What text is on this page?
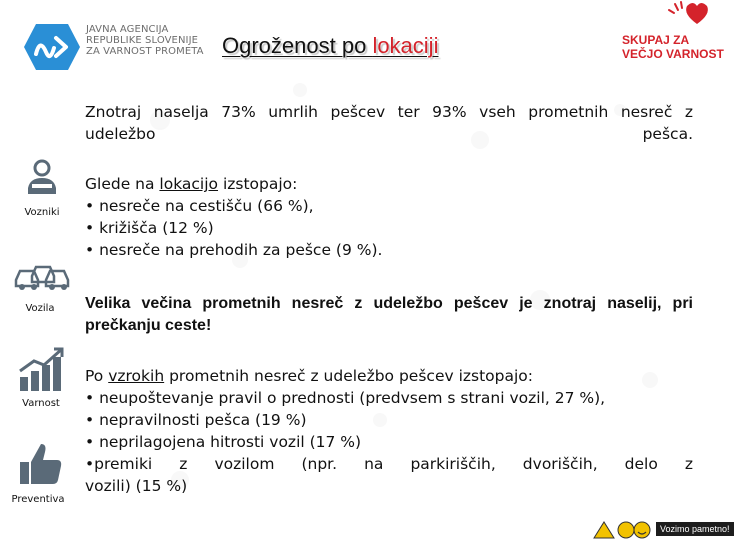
JAVNA AGENCIJA
REPUBLIKE SLOVENIJE
ZA VARNOST PROMETA Ogroženost po lokaciji	SKUPAJ ZA
VEČJO VARNOST
Vozniki
Vozila
Varnost
Preventiva
Znotraj naselja 73% umrlih pešcev ter 93% vseh prometnih nesreč z
udeležbo	pešca.
Glede na lokacijo izstopajo:
• nesreče na cestišču (66 %),
• križišča (12 %)
• nesreče na prehodih za pešce (9 %).
Velika večina prometnih nesreč z udeležbo pešcev je znotraj naselij, pri
prečkanju ceste!
Po vzrokih prometnih nesreč z udeležbo pešcev izstopajo:
• neupoštevanje pravil o prednosti (predvsem s strani vozil, 27 %),
• nepravilnosti pešca (19 %)
• neprilagojena hitrosti vozil (17 %)
•premiki z vozilom (npr. na parkiriščih, dvoriščih, delo z
vozili) (15 %)
Vozimo pametno!
